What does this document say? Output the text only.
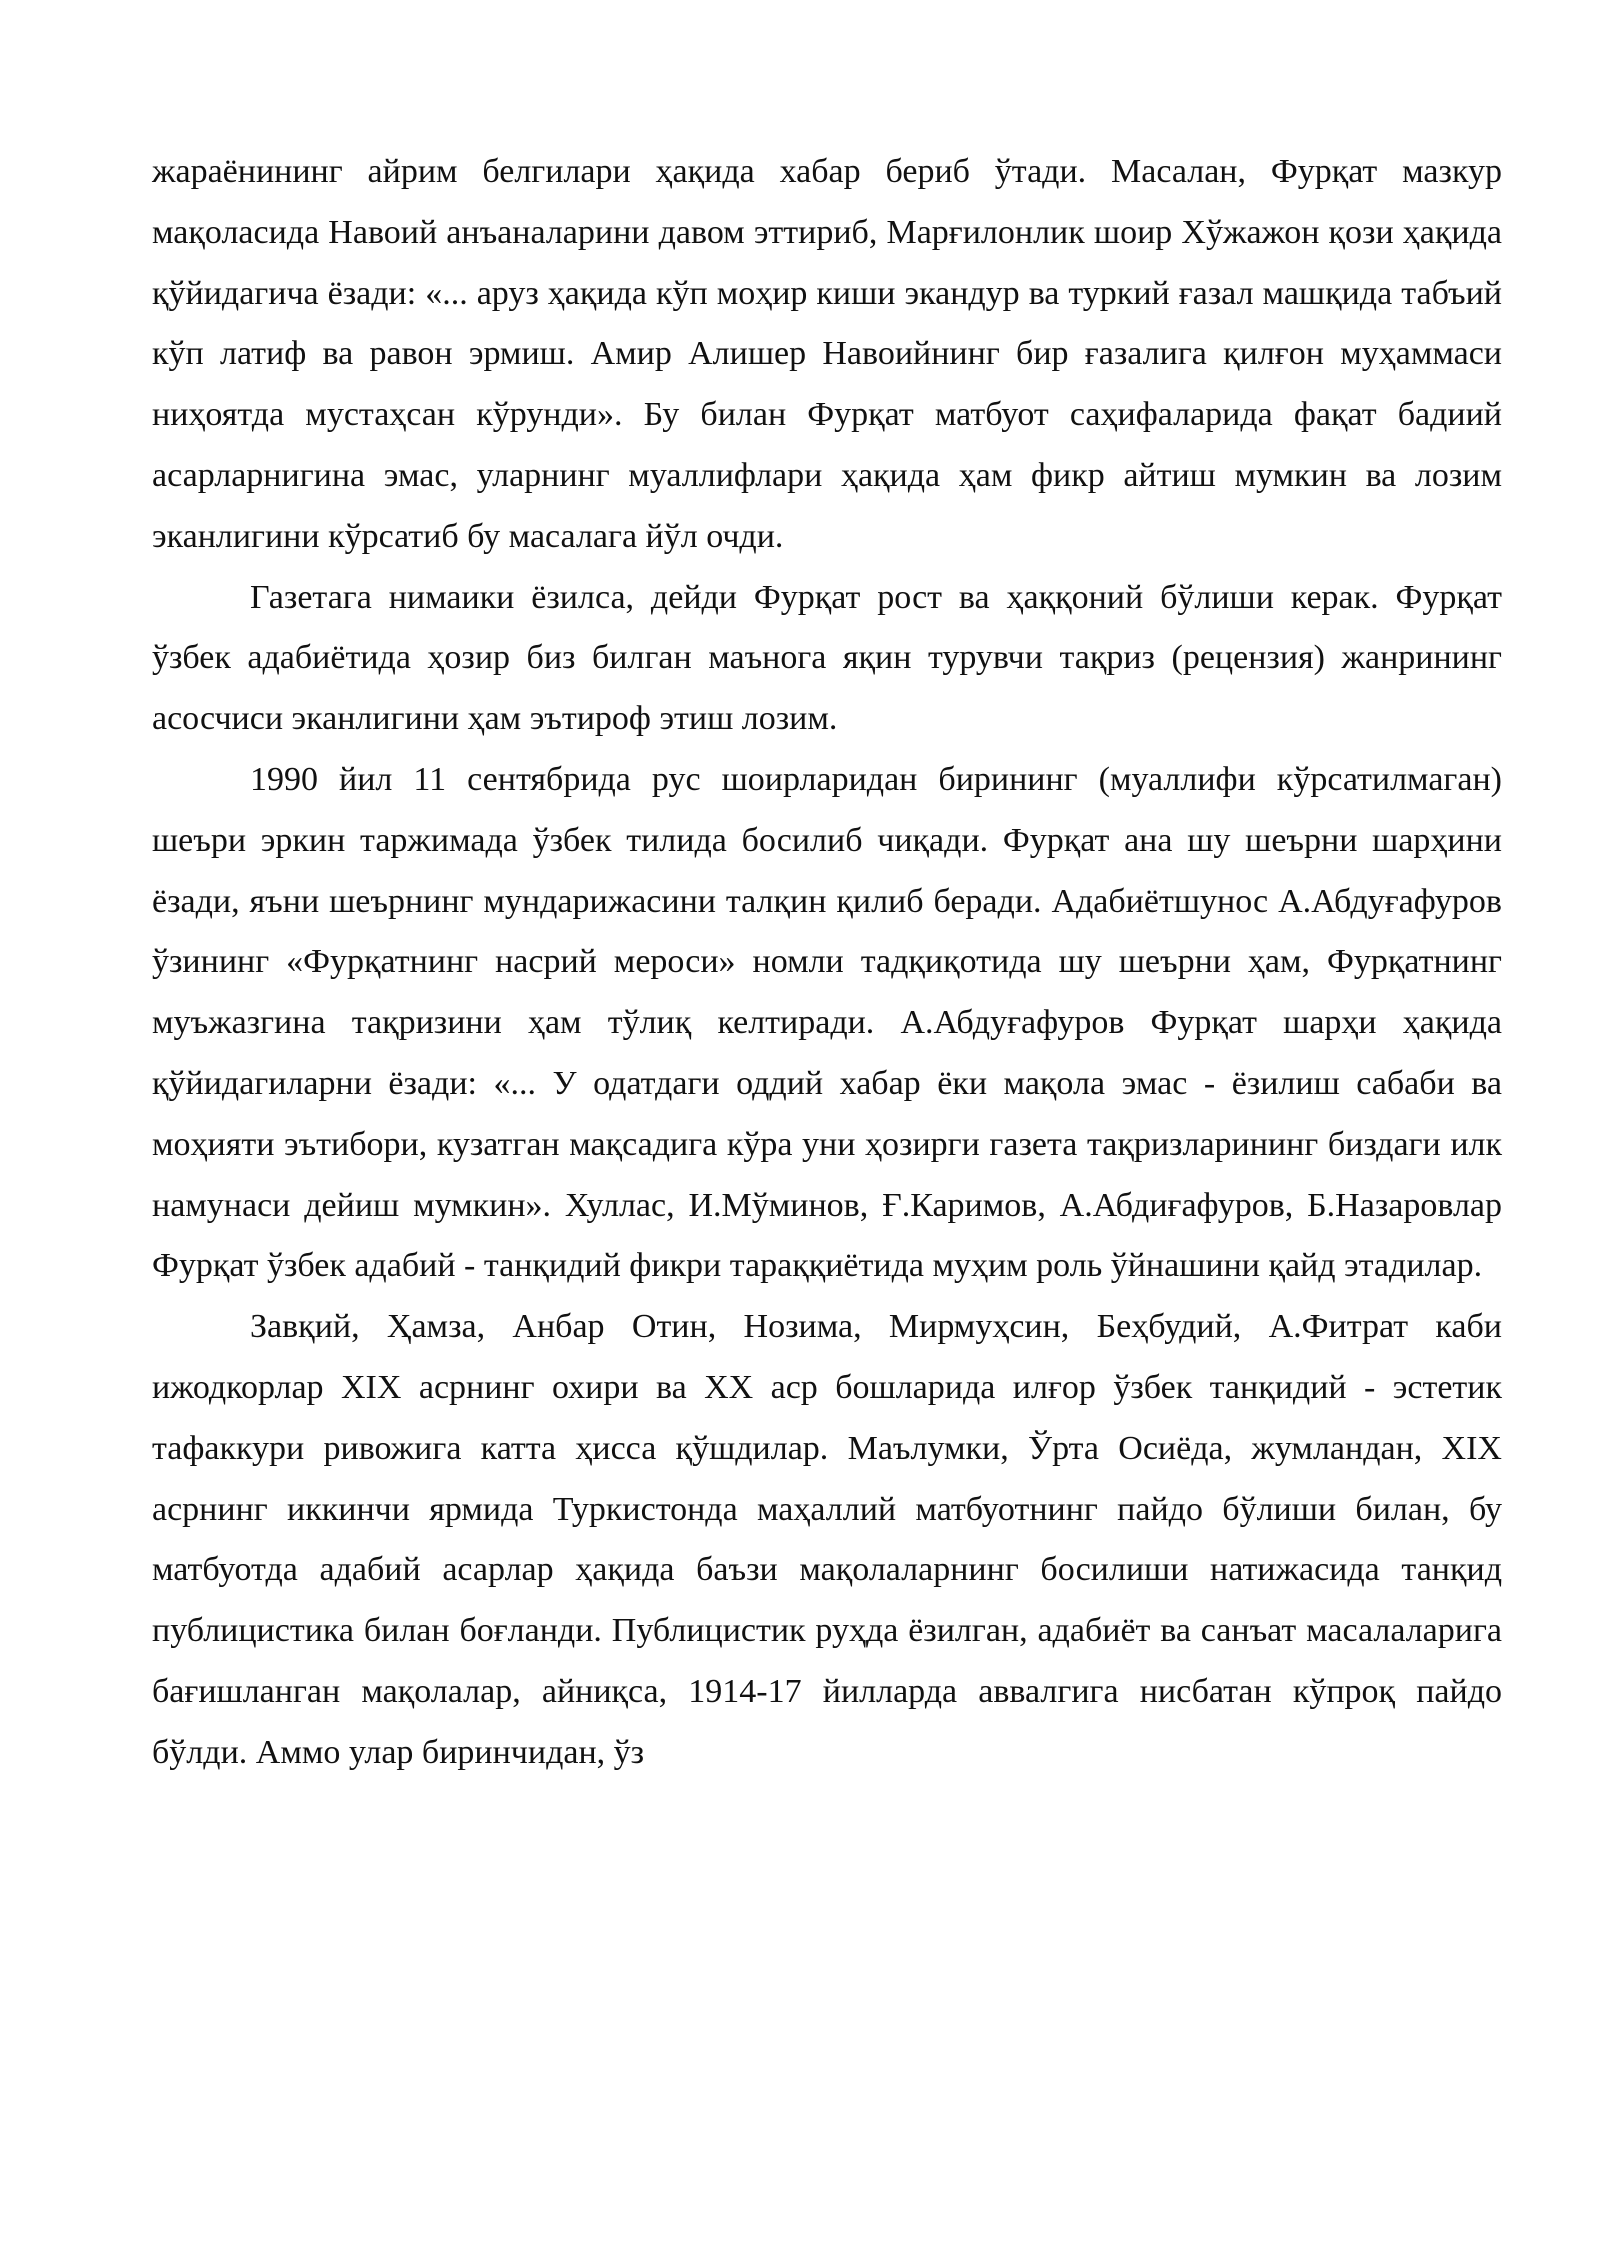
жараёнининг айрим белгилари ҳақида хабар бериб ўтади. Масалан, Фурқат мазкур мақоласида Навоий анъаналарини давом эттириб, Марғилонлик шоир Хўжажон қози ҳақида қўйидагича ёзади: «... аруз ҳақида кўп моҳир киши экандур ва туркий ғазал машқида табъий кўп латиф ва равон эрмиш. Амир Алишер Навоийнинг бир ғазалига қилғон муҳаммаси ниҳоятда мустаҳсан кўрунди». Бу билан Фурқат матбуот саҳифаларида фақат бадиий асарларнигина эмас, уларнинг муаллифлари ҳақида ҳам фикр айтиш мумкин ва лозим эканлигини кўрсатиб бу масалага йўл очди.

Газетага нимаики ёзилса, дейди Фурқат рост ва ҳаққоний бўлиши керак. Фурқат ўзбек адабиётида ҳозир биз билган маънога яқин турувчи тақриз (рецензия) жанрининг асосчиси эканлигини ҳам эътироф этиш лозим.

1990 йил 11 сентябрида рус шоирларидан бирининг (муаллифи кўрсатилмаган) шеъри эркин таржимада ўзбек тилида босилиб чиқади. Фурқат ана шу шеърни шарҳини ёзади, яъни шеърнинг мундарижасини талқин қилиб беради. Адабиётшунос А.Абдуғафуров ўзининг «Фурқатнинг насрий мероси» номли тадқиқотида шу шеърни ҳам, Фурқатнинг муъжазгина тақризини ҳам тўлиқ келтиради. А.Абдуғафуров Фурқат шарҳи ҳақида қўйидагиларни ёзади: «... У одатдаги оддий хабар ёки мақола эмас - ёзилиш сабаби ва моҳияти эътибори, кузатган мақсадига кўра уни ҳозирги газета тақризларининг биздаги илк намунаси дейиш мумкин». Хуллас, И.Мўминов, Ғ.Каримов, А.Абдиғафуров, Б.Назаровлар Фурқат ўзбек адабий - танқидий фикри тараққиётида муҳим роль ўйнашини қайд этадилар.

Завқий, Ҳамза, Анбар Отин, Нозима, Мирмуҳсин, Беҳбудий, А.Фитрат каби ижодкорлар XIX асрнинг охири ва XX аср бошларида илғор ўзбек танқидий - эстетик тафаккури ривожига катта ҳисса қўшдилар. Маълумки, Ўрта Осиёда, жумландан, XIX асрнинг иккинчи ярмида Туркистонда маҳаллий матбуотнинг пайдо бўлиши билан, бу матбуотда адабий асарлар ҳақида баъзи мақолаларнинг босилиши натижасида танқид публицистика билан боғланди. Публицистик руҳда ёзилган, адабиёт ва санъат масалаларига бағишланган мақолалар, айниқса, 1914-17 йилларда аввалгига нисбатан кўпроқ пайдо бўлди. Аммо улар биринчидан, ўз
